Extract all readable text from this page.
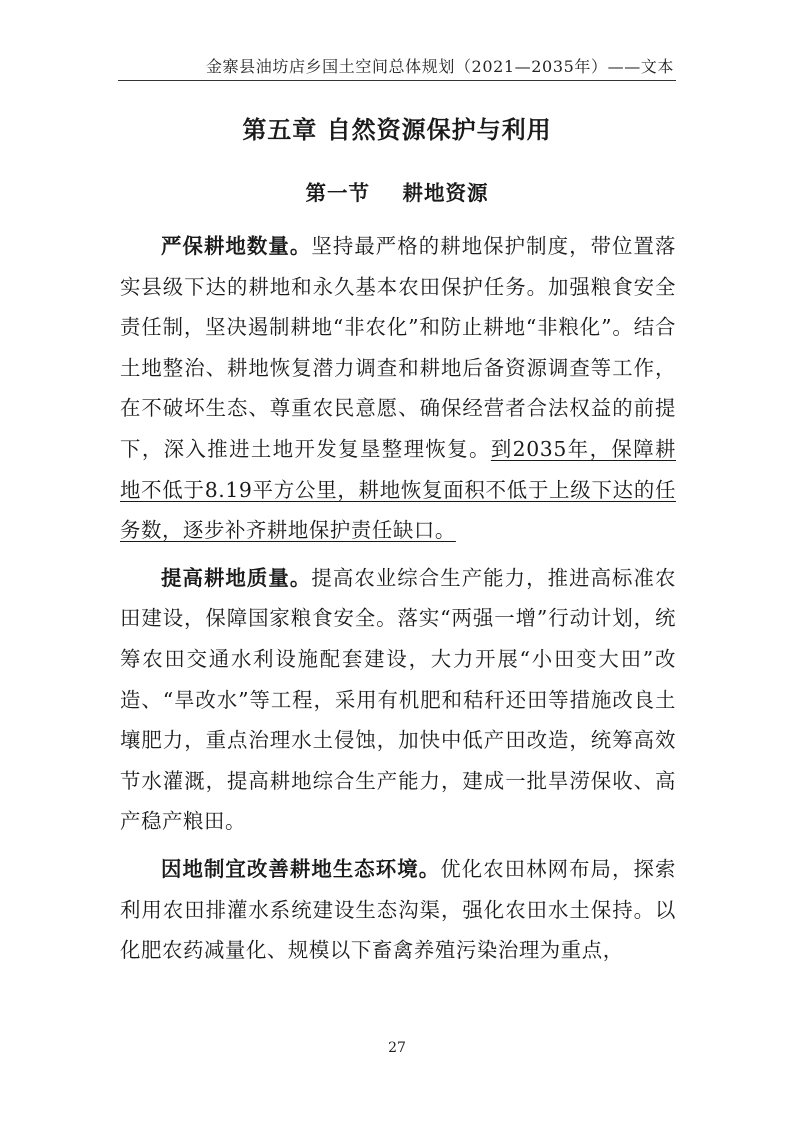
金寨县油坊店乡国土空间总体规划（2021—2035年）——文本
第五章 自然资源保护与利用
第一节    耕地资源

严保耕地数量。坚持最严格的耕地保护制度，带位置落实县级下达的耕地和永久基本农田保护任务。加强粮食安全责任制，坚决遏制耕地“非农化”和防止耕地“非粮化”。结合土地整治、耕地恢复潜力调查和耕地后备资源调查等工作，在不破坏生态、尊重农民意愿、确保经营者合法权益的前提下，深入推进土地开发复垦整理恢复。到2035年，保障耕地不低于8.19平方公里，耕地恢复面积不低于上级下达的任务数，逐步补齐耕地保护责任缺口。

提高耕地质量。提高农业综合生产能力，推进高标准农田建设，保障国家粮食安全。落实“两强一增”行动计划，统筹农田交通水利设施配套建设，大力开展“小田变大田”改造、“旱改水”等工程，采用有机肥和秸秆还田等措施改良土壤肥力，重点治理水土侵蚀，加快中低产田改造，统筹高效节水灌溉，提高耕地综合生产能力，建成一批旱涝保收、高产稳产粮田。

因地制宜改善耕地生态环境。优化农田林网布局，探索利用农田排灌水系统建设生态沟渠，强化农田水土保持。以化肥农药减量化、规模以下畜禽养殖污染治理为重点，

27
